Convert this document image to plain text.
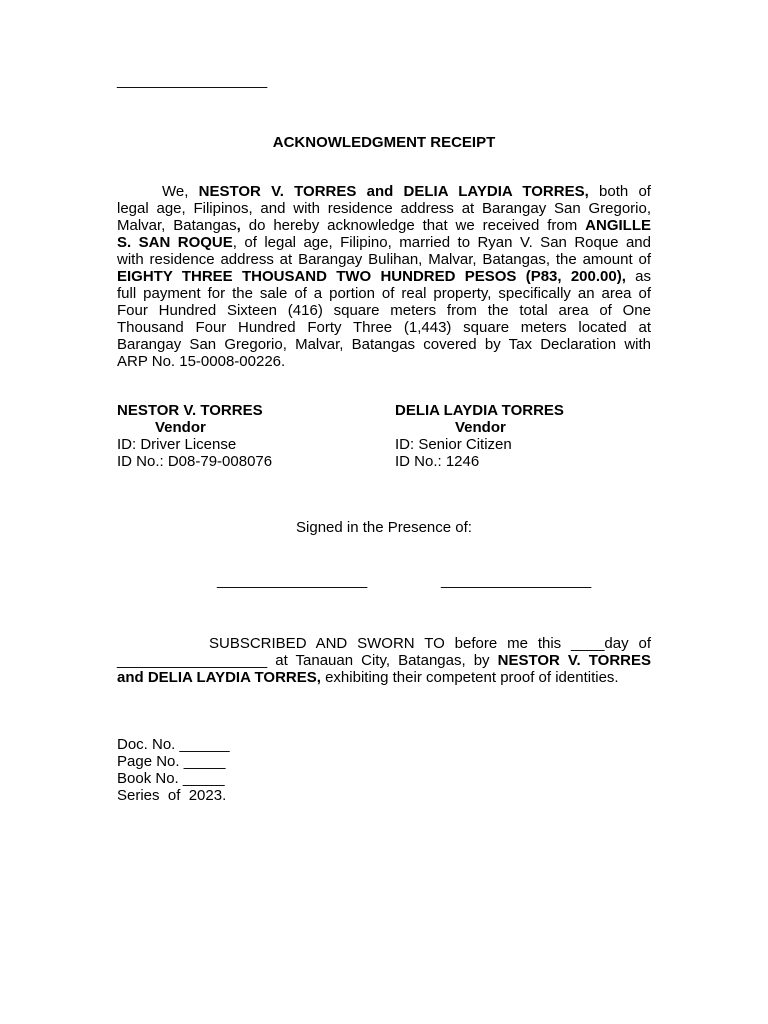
__________________
ACKNOWLEDGMENT RECEIPT
We, NESTOR V. TORRES and DELIA LAYDIA TORRES, both of
legal age, Filipinos, and with residence address at Barangay San Gregorio,
Malvar, Batangas, do hereby acknowledge that we received from ANGILLE
S. SAN ROQUE, of legal age, Filipino, married to Ryan V. San Roque and
with residence address at Barangay Bulihan, Malvar, Batangas, the amount of
EIGHTY THREE THOUSAND TWO HUNDRED PESOS (P83, 200.00), as
full payment for the sale of a portion of real property, specifically an area of
Four Hundred Sixteen (416) square meters from the total area of One
Thousand Four Hundred Forty Three (1,443) square meters located at
Barangay San Gregorio, Malvar, Batangas covered by Tax Declaration with
ARP No. 15-0008-00226.
NESTOR V. TORRES
Vendor
ID: Driver License
ID No.: D08-79-008076
DELIA LAYDIA TORRES
Vendor
ID: Senior Citizen
ID No.: 1246
Signed in the Presence of:
__________________	__________________
SUBSCRIBED AND SWORN TO before me this ____day of
__________________ at Tanauan City, Batangas, by NESTOR V. TORRES
and DELIA LAYDIA TORRES, exhibiting their competent proof of identities.
Doc. No. ______
Page No. _____
Book No. _____
Series  of  2023.
